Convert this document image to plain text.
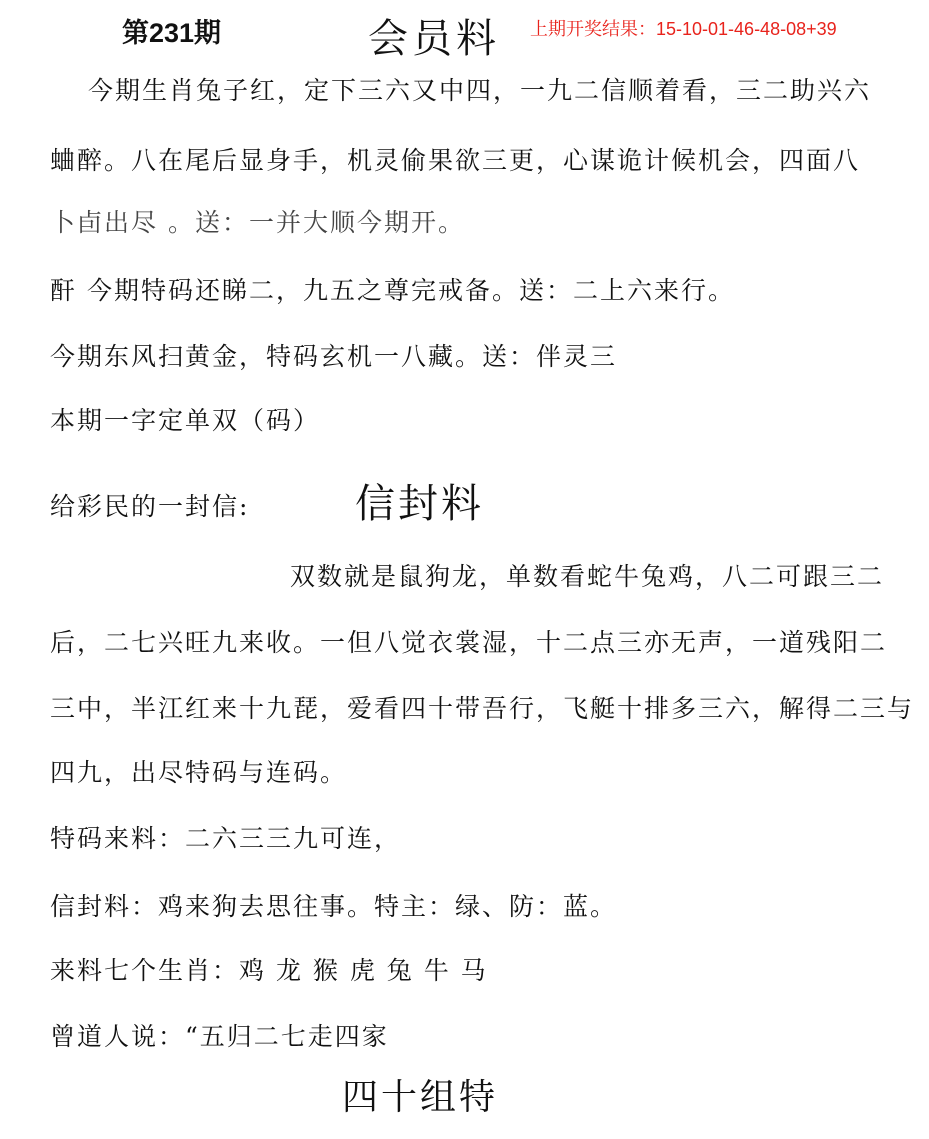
第231期	会员料 上期开奖结果：15-10-01-46-48-08+39
今期生肖兔子红，定下三六又中四，一九二信顺着看，三二助兴六
蛐醉。八在尾后显身手，机灵偷果欲三更，心谋诡计候机会，四面八
卜卣出尽 。送：一并大顺今期开。
酐 今期特码还睇二，九五之尊完戒备。送：二上六来行。
今期东风扫黄金，特码玄机一八藏。送：伴灵三
本期一字定单双（码）
给彩民的一封信:	信封料
双数就是鼠狗龙，单数看蛇牛兔鸡，八二可跟三二
后，二七兴旺九来收。一但八觉衣裳湿，十二点三亦无声，一道残阳二
三中，半江红来十九琵，爱看四十带吾行，飞艇十排多三六，解得二三与
四九，出尽特码与连码。
特码来料：二六三三九可连，
信封料：鸡来狗去思往事。特主：绿、防：蓝。
来料七个生肖：鸡 龙 猴 虎 兔 牛 马
曾道人说：“五归二七走四家
四十组特
